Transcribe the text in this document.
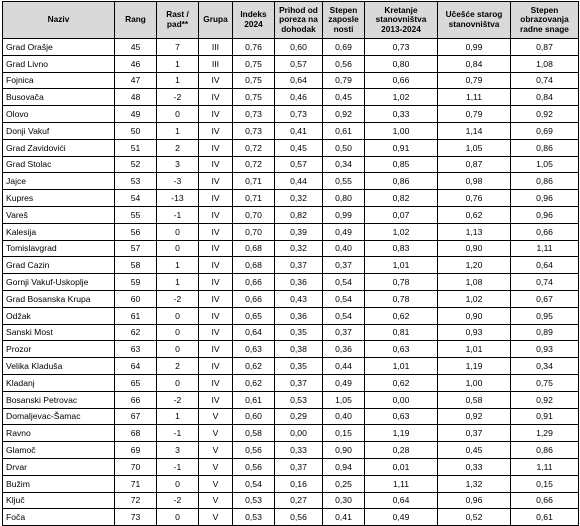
Naziv	Rang	Rast / pad**	Grupa	Indeks 2024	Prihod od poreza na dohodak	Stepen zaposle nosti	Kretanje stanovništva 2013-2024	Učešće starog stanovništva	Stepen obrazovanja radne snage
Grad Orašje	45	7	III	0,76	0,60	0,69	0,73	0,99	0,87
Grad Livno	46	1	III	0,75	0,57	0,56	0,80	0,84	1,08
Fojnica	47	1	IV	0,75	0,64	0,79	0,66	0,79	0,74
Busovača	48	-2	IV	0,75	0,46	0,45	1,02	1,11	0,84
Olovo	49	0	IV	0,73	0,73	0,92	0,33	0,79	0,92
Donji Vakuf	50	1	IV	0,73	0,41	0,61	1,00	1,14	0,69
Grad Zavidovići	51	2	IV	0,72	0,45	0,50	0,91	1,05	0,86
Grad Stolac	52	3	IV	0,72	0,57	0,34	0,85	0,87	1,05
Jajce	53	-3	IV	0,71	0,44	0,55	0,86	0,98	0,86
Kupres	54	-13	IV	0,71	0,32	0,80	0,82	0,76	0,96
Vareš	55	-1	IV	0,70	0,82	0,99	0,07	0,62	0,96
Kalesija	56	0	IV	0,70	0,39	0,49	1,02	1,13	0,66
Tomislavgrad	57	0	IV	0,68	0,32	0,40	0,83	0,90	1,11
Grad Cazin	58	1	IV	0,68	0,37	0,37	1,01	1,20	0,64
Gornji Vakuf-Uskoplje	59	1	IV	0,66	0,36	0,54	0,78	1,08	0,74
Grad Bosanska Krupa	60	-2	IV	0,66	0,43	0,54	0,78	1,02	0,67
Odžak	61	0	IV	0,65	0,36	0,54	0,62	0,90	0,95
Sanski Most	62	0	IV	0,64	0,35	0,37	0,81	0,93	0,89
Prozor	63	0	IV	0,63	0,38	0,36	0,63	1,01	0,93
Velika Kladuša	64	2	IV	0,62	0,35	0,44	1,01	1,19	0,34
Kladanj	65	0	IV	0,62	0,37	0,49	0,62	1,00	0,75
Bosanski Petrovac	66	-2	IV	0,61	0,53	1,05	0,00	0,58	0,92
Domaljevac-Šamac	67	1	V	0,60	0,29	0,40	0,63	0,92	0,91
Ravno	68	-1	V	0,58	0,00	0,15	1,19	0,37	1,29
Glamoč	69	3	V	0,56	0,33	0,90	0,28	0,45	0,86
Drvar	70	-1	V	0,56	0,37	0,94	0,01	0,33	1,11
Bužim	71	0	V	0,54	0,16	0,25	1,11	1,32	0,15
Ključ	72	-2	V	0,53	0,27	0,30	0,64	0,96	0,66
Foča	73	0	V	0,53	0,56	0,41	0,49	0,52	0,61
